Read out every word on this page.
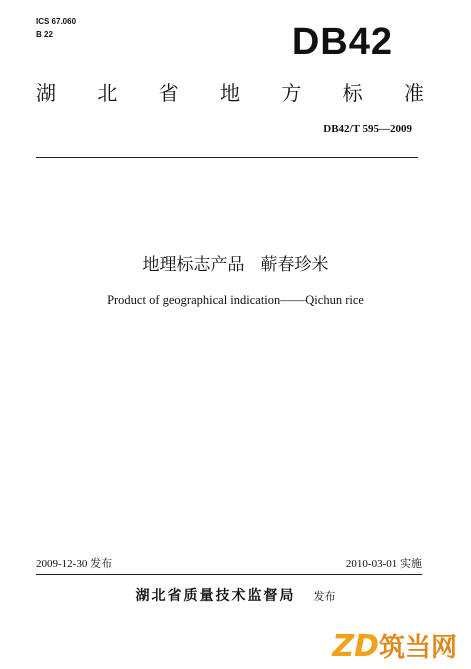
ICS 67.060
B 22	DB42
湖 北 省 地 方 标 准
DB42/T 595—2009
地理标志产品 蕲春珍米
Product of geographical indication——Qichun rice
2009-12-30 发布	2010-03-01 实施
湖北省质量技术监督局 发布
ZD筑当网
